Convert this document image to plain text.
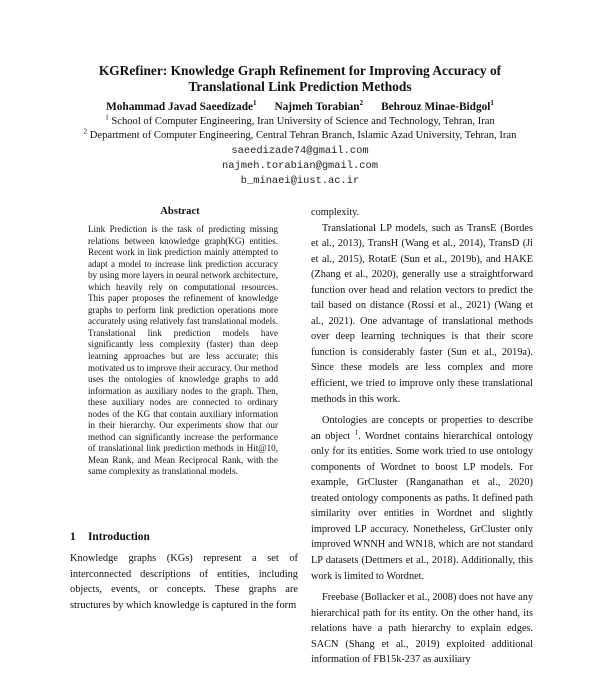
KGRefiner: Knowledge Graph Refinement for Improving Accuracy of
Translational Link Prediction Methods
Mohammad Javad Saeedizade$^1$ Najmeh Torabian$^2$ Behrouz Minae-Bidgol$^1$
$^1$ School of Computer Engineering, Iran University of Science and Technology, Tehran, Iran
$^2$ Department of Computer Engineering, Central Tehran Branch, Islamic Azad University, Tehran, Iran
saeedizade74@gmail.com
najmeh.torabian@gmail.com
b_minaei@iust.ac.ir
Abstract

Link Prediction is the task of predicting missing relations between knowledge graph(KG) entities. Recent work in link prediction mainly attempted to adapt a model to increase link prediction accuracy by using more layers in neural network architecture, which heavily rely on computational resources. This paper proposes the refinement of knowledge graphs to perform link prediction operations more accurately using relatively fast translational models. Translational link prediction models have significantly less complexity (faster) than deep learning approaches but are less accurate; this motivated us to improve their accuracy. Our method uses the ontologies of knowledge graphs to add information as auxiliary nodes to the graph. Then, these auxiliary nodes are connected to ordinary nodes of the KG that contain auxiliary information in their hierarchy. Our experiments show that our method can significantly increase the performance of translational link prediction methods in Hit@10, Mean Rank, and Mean Reciprocal Rank, with the same complexity as translational models.

1 Introduction

Knowledge graphs (KGs) represent a set of interconnected descriptions of entities, including objects, events, or concepts. These graphs are structures by which knowledge is captured in the form

complexity.

Translational LP models, such as TransE (Bordes et al., 2013), TransH (Wang et al., 2014), TransD (Ji et al., 2015), RotatE (Sun et al., 2019b), and HAKE (Zhang et al., 2020), generally use a straightforward function over head and relation vectors to predict the tail based on distance (Rossi et al., 2021) (Wang et al., 2021). One advantage of translational methods over deep learning techniques is that their score function is considerably faster (Sun et al., 2019a). Since these models are less complex and more efficient, we tried to improve only these translational methods in this work.

Ontologies are concepts or properties to describe an object $^1$. Wordnet contains hierarchical ontology only for its entities. Some work tried to use ontology components of Wordnet to boost LP models. For example, GrCluster (Ranganathan et al., 2020) treated ontology components as paths. It defined path similarity over entities in Wordnet and slightly improved LP accuracy. Nonetheless, GrCluster only improved WNNH and WN18, which are not standard LP datasets (Dettmers et al., 2018). Additionally, this work is limited to Wordnet.

Freebase (Bollacker et al., 2008) does not have any hierarchical path for its entity. On the other hand, its relations have a path hierarchy to explain edges. SACN (Shang et al., 2019) exploited additional information of FB15k-237 as auxiliary
